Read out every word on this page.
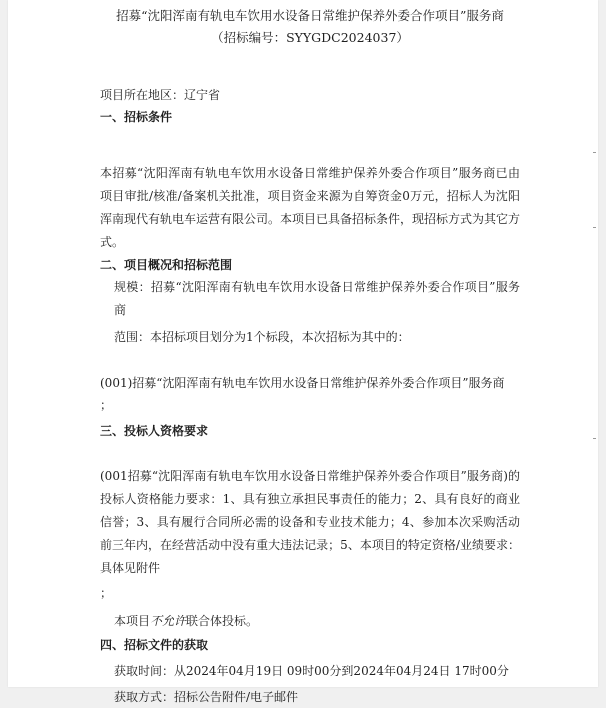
招募“沈阳浑南有轨电车饮用水设备日常维护保养外委合作项目”服务商

（招标编号：SYYGDC2024037）

项目所在地区：辽宁省

一、招标条件

本招募“沈阳浑南有轨电车饮用水设备日常维护保养外委合作项目”服务商已由项目审批/核准/备案机关批准，项目资金来源为自筹资金0万元，招标人为沈阳浑南现代有轨电车运营有限公司。本项目已具备招标条件，现招标方式为其它方式。

二、项目概况和招标范围

规模：招募“沈阳浑南有轨电车饮用水设备日常维护保养外委合作项目”服务商

范围：本招标项目划分为1个标段，本次招标为其中的：

(001)招募“沈阳浑南有轨电车饮用水设备日常维护保养外委合作项目”服务商

；

三、投标人资格要求

(001招募“沈阳浑南有轨电车饮用水设备日常维护保养外委合作项目”服务商)的投标人资格能力要求：1、具有独立承担民事责任的能力；2、具有良好的商业信誉；3、具有履行合同所必需的设备和专业技术能力；4、参加本次采购活动前三年内，在经营活动中没有重大违法记录；5、本项目的特定资格/业绩要求：具体见附件

；

本项目不允许联合体投标。

四、招标文件的获取

获取时间：从2024年04月19日 09时00分到2024年04月24日 17时00分

获取方式：招标公告附件/电子邮件
